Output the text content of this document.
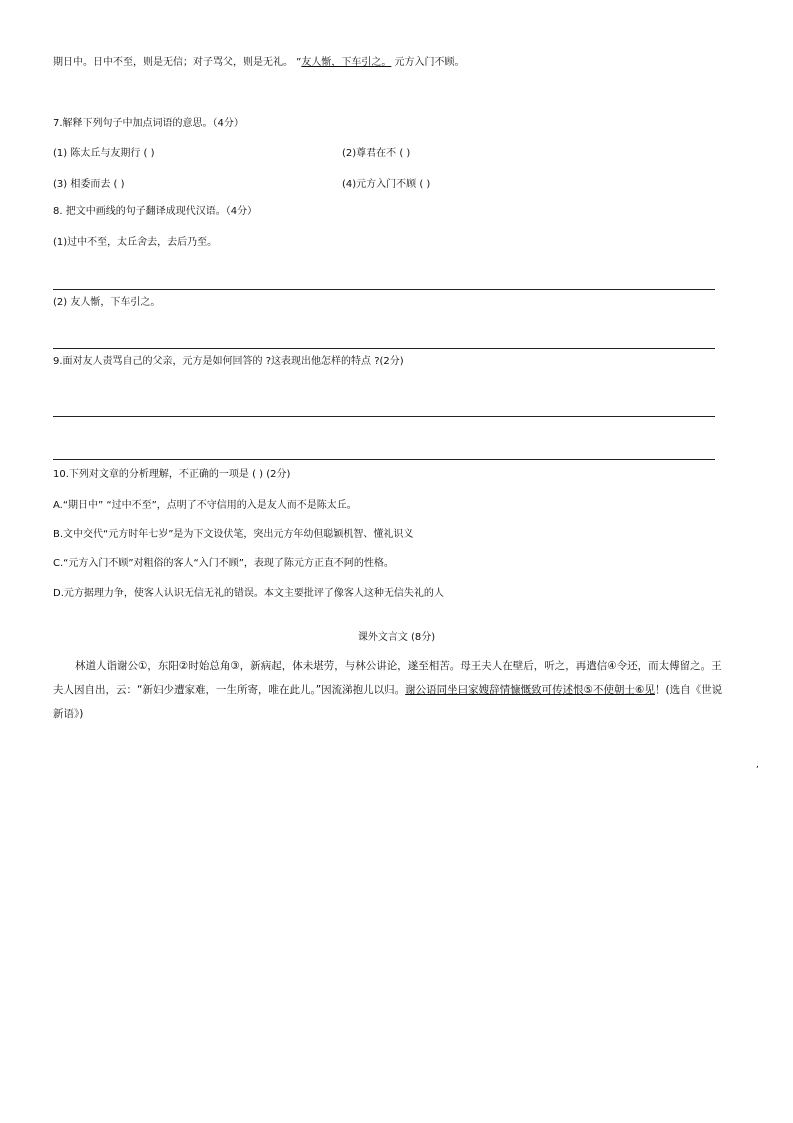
期日中。日中不至，则是无信；对子骂父，则是无礼。 ”友人惭，下车引之。 元方入门不顾。
7.解释下列句子中加点词语的意思。（4分）
(1) 陈太丘与友期行 ( )	(2)尊君在不 ( )
(3) 相委而去 ( )	(4)元方入门不顾 ( )
8. 把文中画线的句子翻译成现代汉语。（4分）
(1)过中不至，太丘舍去，去后乃至。
(2) 友人惭，下车引之。
9.面对友人责骂自己的父亲，元方是如何回答的 ?这表现出他怎样的特点 ?(2分)
10.下列对文章的分析理解，不正确的一项是 ( ) (2分)
A.“期日中” “过中不至”，点明了不守信用的入是友人而不是陈太丘。
B.文中交代“元方时年七岁”是为下文设伏笔，突出元方年幼但聪颖机智、懂礼识义
C.“元方入门不顾”对粗俗的客人“入门不顾”，表现了陈元方正直不阿的性格。
D.元方据理力争，使客人认识无信无礼的错误。本文主要批评了像客人这种无信失礼的人
课外文言文 (8分)
林道人诣谢公①，东阳②时始总角③，新病起，体未堪劳，与林公讲论，遂至相苦。母王夫人在壁后，听之，再遣信④令还，而太傅留之。王夫人因自出，云：“新妇少遭家难，一生所寄，唯在此儿。”因流涕抱儿以归。谢公语同坐曰家嫂辞情慷慨致可传述恨⑤不使朝士⑥见！(选自《世说新语》)
,
